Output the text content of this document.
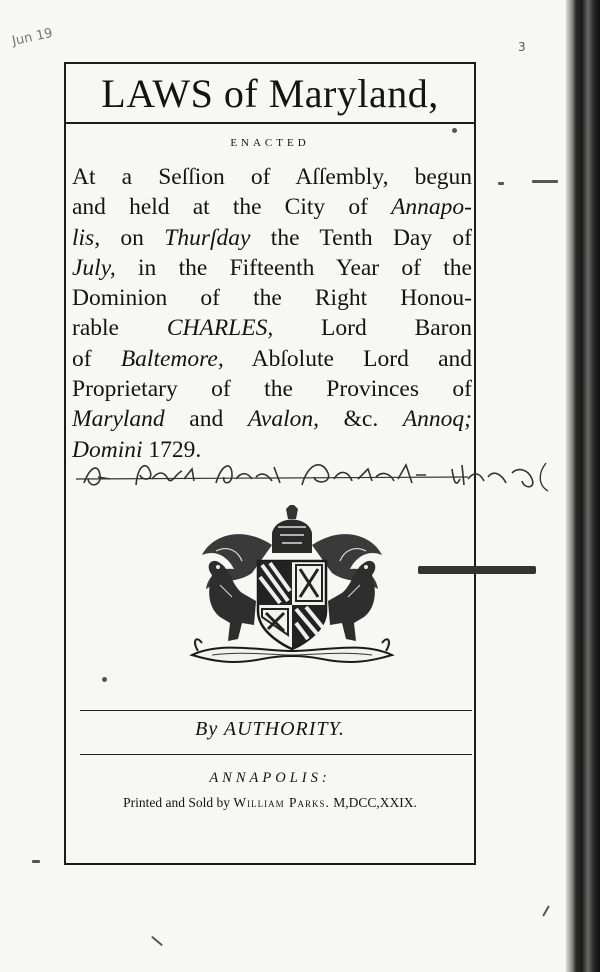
Jun 19	3
LAWS of Maryland,
ENACTED
At a Seſſion of Aſſembly, begun
and held at the City of Annapo-
lis, on Thurſday the Tenth Day of
July, in the Fifteenth Year of the
Dominion of the Right Honou-
rable CHARLES, Lord Baron
of Baltemore, Abſolute Lord and
Proprietary of the Provinces of
Maryland and Avalon, &c. Annoq;
Domini 1729.
By AUTHORITY.
ANNAPOLIS:
Printed and Sold by William Parks. M,DCC,XXIX.
